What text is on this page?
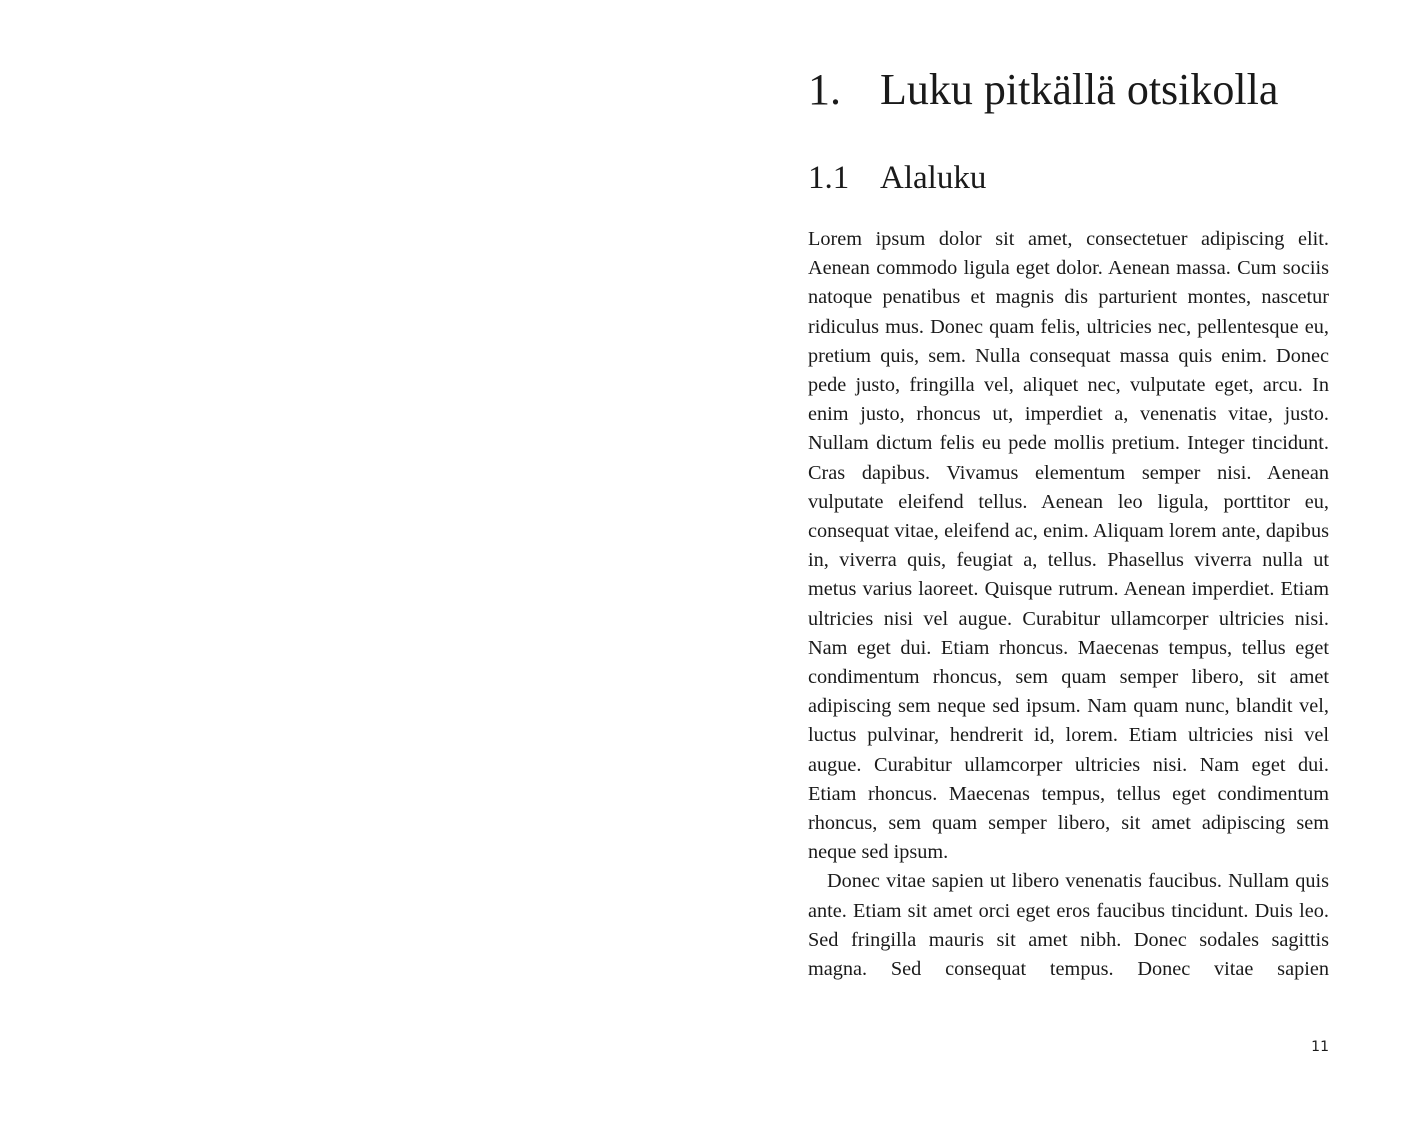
1. Luku pitkällä otsikolla
1.1 Alaluku

Lorem ipsum dolor sit amet, consectetuer adipiscing elit. Aenean commodo ligula eget dolor. Aenean massa. Cum sociis natoque penatibus et magnis dis parturient montes, nascetur ridiculus mus. Donec quam felis, ultricies nec, pellentesque eu, pretium quis, sem. Nulla consequat massa quis enim. Donec pede justo, fringilla vel, aliquet nec, vulputate eget, arcu. In enim justo, rhoncus ut, imperdiet a, venenatis vitae, justo. Nullam dictum felis eu pede mollis pretium. Integer tincidunt. Cras dapibus. Vivamus elementum semper nisi. Aenean vulputate eleifend tellus. Aenean leo ligula, porttitor eu, consequat vitae, eleifend ac, enim. Aliquam lorem ante, dapibus in, viverra quis, feugiat a, tellus. Phasellus viverra nulla ut metus varius laoreet. Quisque rutrum. Aenean imperdiet. Etiam ultricies nisi vel augue. Curabitur ullamcorper ultricies nisi. Nam eget dui. Etiam rhoncus. Maecenas tempus, tellus eget condimentum rhoncus, sem quam semper libero, sit amet adipiscing sem neque sed ipsum. Nam quam nunc, blandit vel, luctus pulvinar, hendrerit id, lorem. Etiam ultricies nisi vel augue. Curabitur ullamcorper ultricies nisi. Nam eget dui. Etiam rhoncus. Maecenas tempus, tellus eget condimentum rhoncus, sem quam semper libero, sit amet adipiscing sem neque sed ipsum.

Donec vitae sapien ut libero venenatis faucibus. Nullam quis ante. Etiam sit amet orci eget eros faucibus tincidunt. Duis leo. Sed fringilla mauris sit amet nibh. Donec sodales sagittis magna. Sed consequat tempus. Donec vitae sapien

11
